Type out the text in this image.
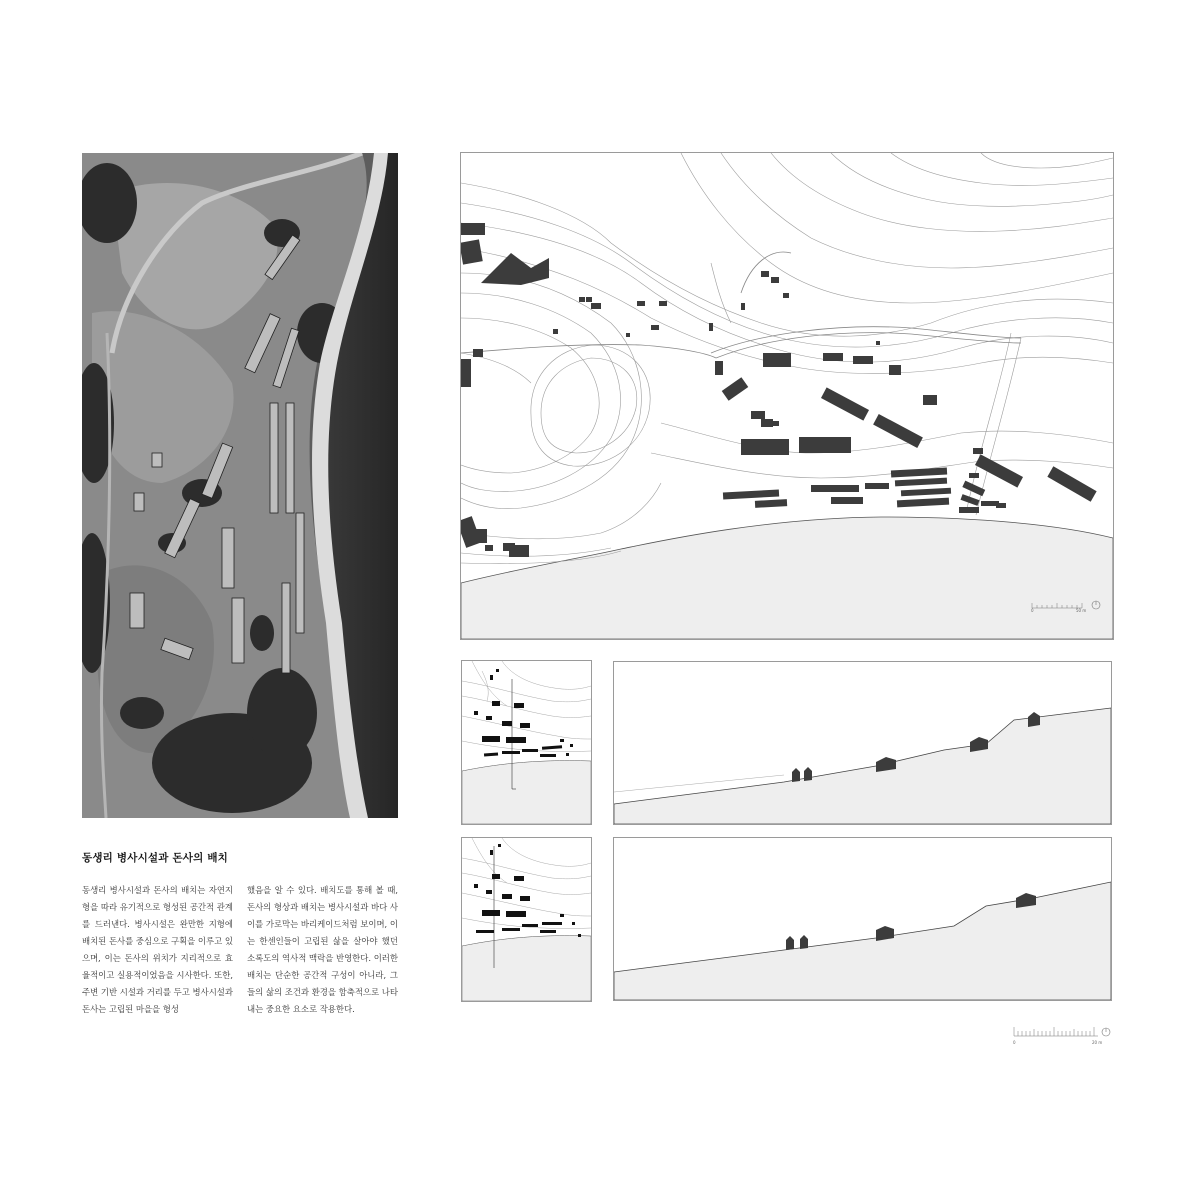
동생리 병사시설과 돈사의 배치
동생리 병사시설과 돈사의 배치는 자연지형을 따라 유기적으로 형성된 공간적 관계를 드러낸다. 병사시설은 완만한 지형에 배치된 돈사를 중심으로 구획을 이루고 있으며, 이는 돈사의 위치가 지리적으로 효율적이고 실용적이었음을 시사한다. 또한, 주변 기반 시설과 거리를 두고 병사시설과 돈사는 고립된 마을을 형성
했음을 알 수 있다. 배치도를 통해 볼 때, 돈사의 형상과 배치는 병사시설과 바다 사이를 가로막는 바리케이드처럼 보이며, 이는 한센인들이 고립된 삶을 살아야 했던 소록도의 역사적 맥락을 반영한다. 이러한 배치는 단순한 공간적 구성이 아니라, 그들의 삶의 조건과 환경을 함축적으로 나타내는 중요한 요소로 작용한다.
0	50 m
0	20 m
